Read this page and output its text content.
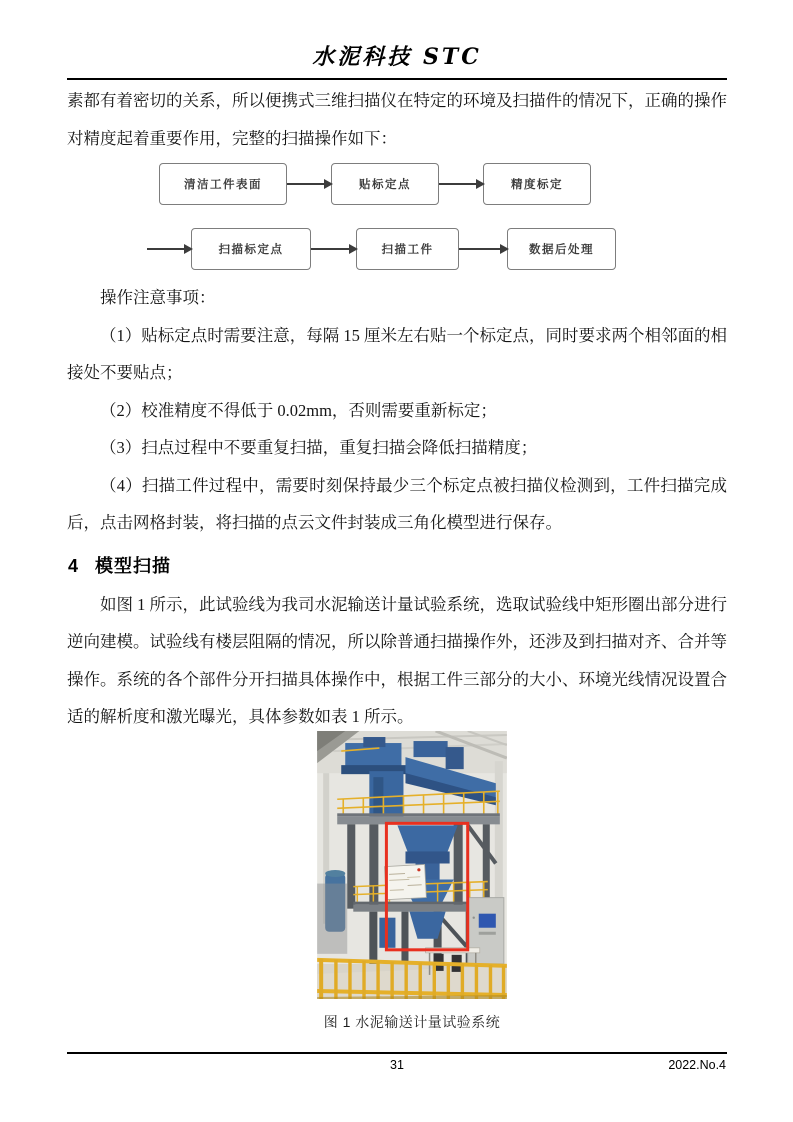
水泥科技 STC

素都有着密切的关系，所以便携式三维扫描仪在特定的环境及扫描件的情况下，正确的操作对精度起着重要作用，完整的扫描操作如下：

清洁工件表面	贴标定点	精度标定
扫描标定点	扫描工件	数据后处理

操作注意事项：

（1）贴标定点时需要注意，每隔 15 厘米左右贴一个标定点，同时要求两个相邻面的相接处不要贴点；

（2）校准精度不得低于 0.02mm，否则需要重新标定；

（3）扫点过程中不要重复扫描，重复扫描会降低扫描精度；

（4）扫描工件过程中，需要时刻保持最少三个标定点被扫描仪检测到，工件扫描完成后，点击网格封装，将扫描的点云文件封装成三角化模型进行保存。

4 模型扫描

如图 1 所示，此试验线为我司水泥输送计量试验系统，选取试验线中矩形圈出部分进行逆向建模。试验线有楼层阻隔的情况，所以除普通扫描操作外，还涉及到扫描对齐、合并等操作。系统的各个部件分开扫描具体操作中，根据工件三部分的大小、环境光线情况设置合适的解析度和激光曝光，具体参数如表 1 所示。

图 1 水泥输送计量试验系统
31	2022.No.4
